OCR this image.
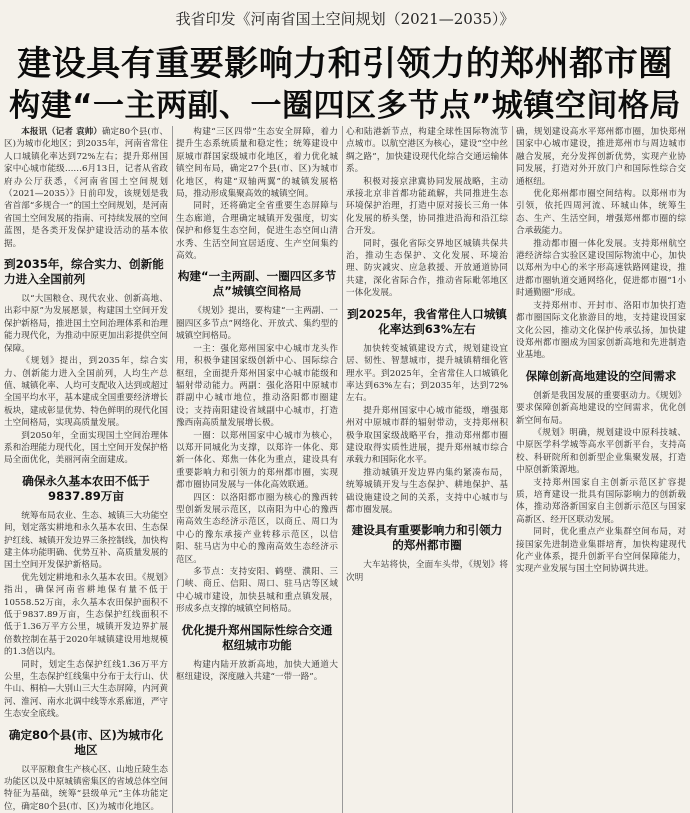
我省印发《河南省国土空间规划（2021—2035）》
建设具有重要影响力和引领力的郑州都市圈
构建“一主两副、一圈四区多节点”城镇空间格局

本报讯（记者 袁帅）确定80个县(市、区)为城市化地区；到2035年，河南省常住人口城镇化率达到72%左右；提升郑州国家中心城市能级……6月13日，记者从省政府办公厅获悉，《河南省国土空间规划（2021—2035）》日前印发，该规划是我省首部“多规合一”的国土空间规划，是河南省国土空间发展的指南、可持续发展的空间蓝图，是各类开发保护建设活动的基本依据。

到2035年，综合实力、创新能力进入全国前列

以“大国粮仓、现代农业、创新高地、出彩中原”为发展愿景，构建国土空间开发保护新格局，推进国土空间治理体系和治理能力现代化，为推动中原更加出彩提供空间保障。

《规划》提出，到2035年，综合实力、创新能力进入全国前列，人均生产总值、城镇化率、人均可支配收入达到或超过全国平均水平，基本建成全国重要经济增长板块，建成彰显优势、特色鲜明的现代化国土空间格局，实现高质量发展。

到2050年，全面实现国土空间治理体系和治理能力现代化，国土空间开发保护格局全面优化，美丽河南全面建成。

确保永久基本农田不低于9837.89万亩

统筹布局农业、生态、城镇三大功能空间，划定落实耕地和永久基本农田、生态保护红线、城镇开发边界三条控制线，加快构建主体功能明确、优势互补、高质量发展的国土空间开发保护新格局。

优先划定耕地和永久基本农田。《规划》指出，确保河南省耕地保有量不低于10558.52万亩，永久基本农田保护面积不低于9837.89万亩，生态保护红线面积不低于1.36万平方公里，城镇开发边界扩展倍数控制在基于2020年城镇建设用地规模的1.3倍以内。

同时，划定生态保护红线1.36万平方公里，生态保护红线集中分布于太行山、伏牛山、桐柏—大别山三大生态屏障，内河黄河、淮河、南水北调中线等水系廊道，严守生态安全底线。

确定80个县(市、区)为城市化地区

以平原粮食生产核心区、山地丘陵生态功能区以及中原城镇密集区的省域总体空间特征为基础，统筹“县级单元”主体功能定位，确定80个县(市、区)为城市化地区。

构建“三区四带”生态安全屏障，着力提升生态系统质量和稳定性；统筹建设中原城市群国家级城市化地区，着力优化城镇空间布局，确定27个县(市、区)为城市化地区，构建“双轴两翼”的城镇发展格局，推动形成集聚高效的城镇空间。

同时，还将确定全省重要生态屏障与生态廊道，合理确定城镇开发强度，切实保护和修复生态空间，促进生态空间山清水秀、生活空间宜居适度、生产空间集约高效。

构建“一主两副、一圈四区多节点”城镇空间格局

《规划》提出，要构建“一主两副、一圈四区多节点”网络化、开放式、集约型的城镇空间格局。

一主：强化郑州国家中心城市龙头作用，积极争建国家级创新中心、国际综合枢纽，全面提升郑州国家中心城市能级和辐射带动能力。两副：强化洛阳中原城市群副中心城市地位，推动洛阳都市圈建设；支持南阳建设省域副中心城市，打造豫西南高质量发展增长极。

一圈：以郑州国家中心城市为核心，以郑开同城化为支撑，以郑许一体化、郑新一体化、郑焦一体化为重点，建设具有重要影响力和引领力的郑州都市圈，实现都市圈协同发展与一体化高效联通。

四区：以洛阳都市圈为核心的豫西转型创新发展示范区，以南阳为中心的豫西南高效生态经济示范区，以商丘、周口为中心的豫东承接产业转移示范区，以信阳、驻马店为中心的豫南高效生态经济示范区。

多节点：支持安阳、鹤壁、濮阳、三门峡、商丘、信阳、周口、驻马店等区域中心城市建设，加快县城和重点镇发展，形成多点支撑的城镇空间格局。

优化提升郑州国际性综合交通枢纽城市功能

构建内陆开放新高地，加快大通道大枢纽建设，深度融入共建“一带一路”。

心和陆港新节点，构建全球性国际物流节点城市。以航空港区为核心，建设“空中丝绸之路”，加快建设现代化综合交通运输体系。

积极对接京津冀协同发展战略，主动承接北京非首都功能疏解，共同推进生态环境保护治理，打造中原对接长三角一体化发展的桥头堡，协同推进沿海和沿江综合开发。

同时，强化省际交界地区城镇共保共治，推动生态保护、文化发展、环境治理、防灾减灾、应急救援、开放通道协同共建，深化省际合作，推动省际毗邻地区一体化发展。

到2025年，我省常住人口城镇化率达到63%左右

加快转变城镇建设方式，规划建设宜居、韧性、智慧城市，提升城镇精细化管理水平。到2025年，全省常住人口城镇化率达到63%左右；到2035年，达到72%左右。

提升郑州国家中心城市能级，增强郑州对中原城市群的辐射带动，支持郑州积极争取国家级战略平台，推动郑州都市圈建设取得实质性进展，提升郑州城市综合承载力和国际化水平。

推动城镇开发边界内集约紧凑布局，统筹城镇开发与生态保护、耕地保护、基础设施建设之间的关系，支持中心城市与都市圈发展。

建设具有重要影响力和引领力的郑州都市圈

大车站将快，全面车头带，《规划》将次明

确，规划建设高水平郑州都市圈，加快郑州国家中心城市建设，推进郑州市与周边城市融合发展，充分发挥创新优势，实现产业协同发展，打造对外开放门户和国际性综合交通枢纽。

优化郑州都市圈空间结构。以郑州市为引领，依托四周河流、环城山体，统筹生态、生产、生活空间，增强郑州都市圈的综合承载能力。

推动都市圈一体化发展。支持郑州航空港经济综合实验区建设国际物流中心，加快以郑州为中心的米字形高速铁路网建设，推进都市圈轨道交通网络化，促进都市圈“1小时通勤圈”形成。

支持郑州市、开封市、洛阳市加快打造都市圈国际文化旅游目的地，支持建设国家文化公园，推动文化保护传承弘扬，加快建设郑州都市圈成为国家创新高地和先进制造业基地。

保障创新高地建设的空间需求

创新是我国发展的重要驱动力。《规划》要求保障创新高地建设的空间需求，优化创新空间布局。

《规划》明确，规划建设中原科技城、中原医学科学城等高水平创新平台，支持高校、科研院所和创新型企业集聚发展，打造中原创新策源地。

支持郑州国家自主创新示范区扩容提质，培育建设一批具有国际影响力的创新载体，推动郑洛新国家自主创新示范区与国家高新区、经开区联动发展。

同时，优化重点产业集群空间布局，对接国家先进制造业集群培育，加快构建现代化产业体系，提升创新平台空间保障能力，实现产业发展与国土空间协调共进。
